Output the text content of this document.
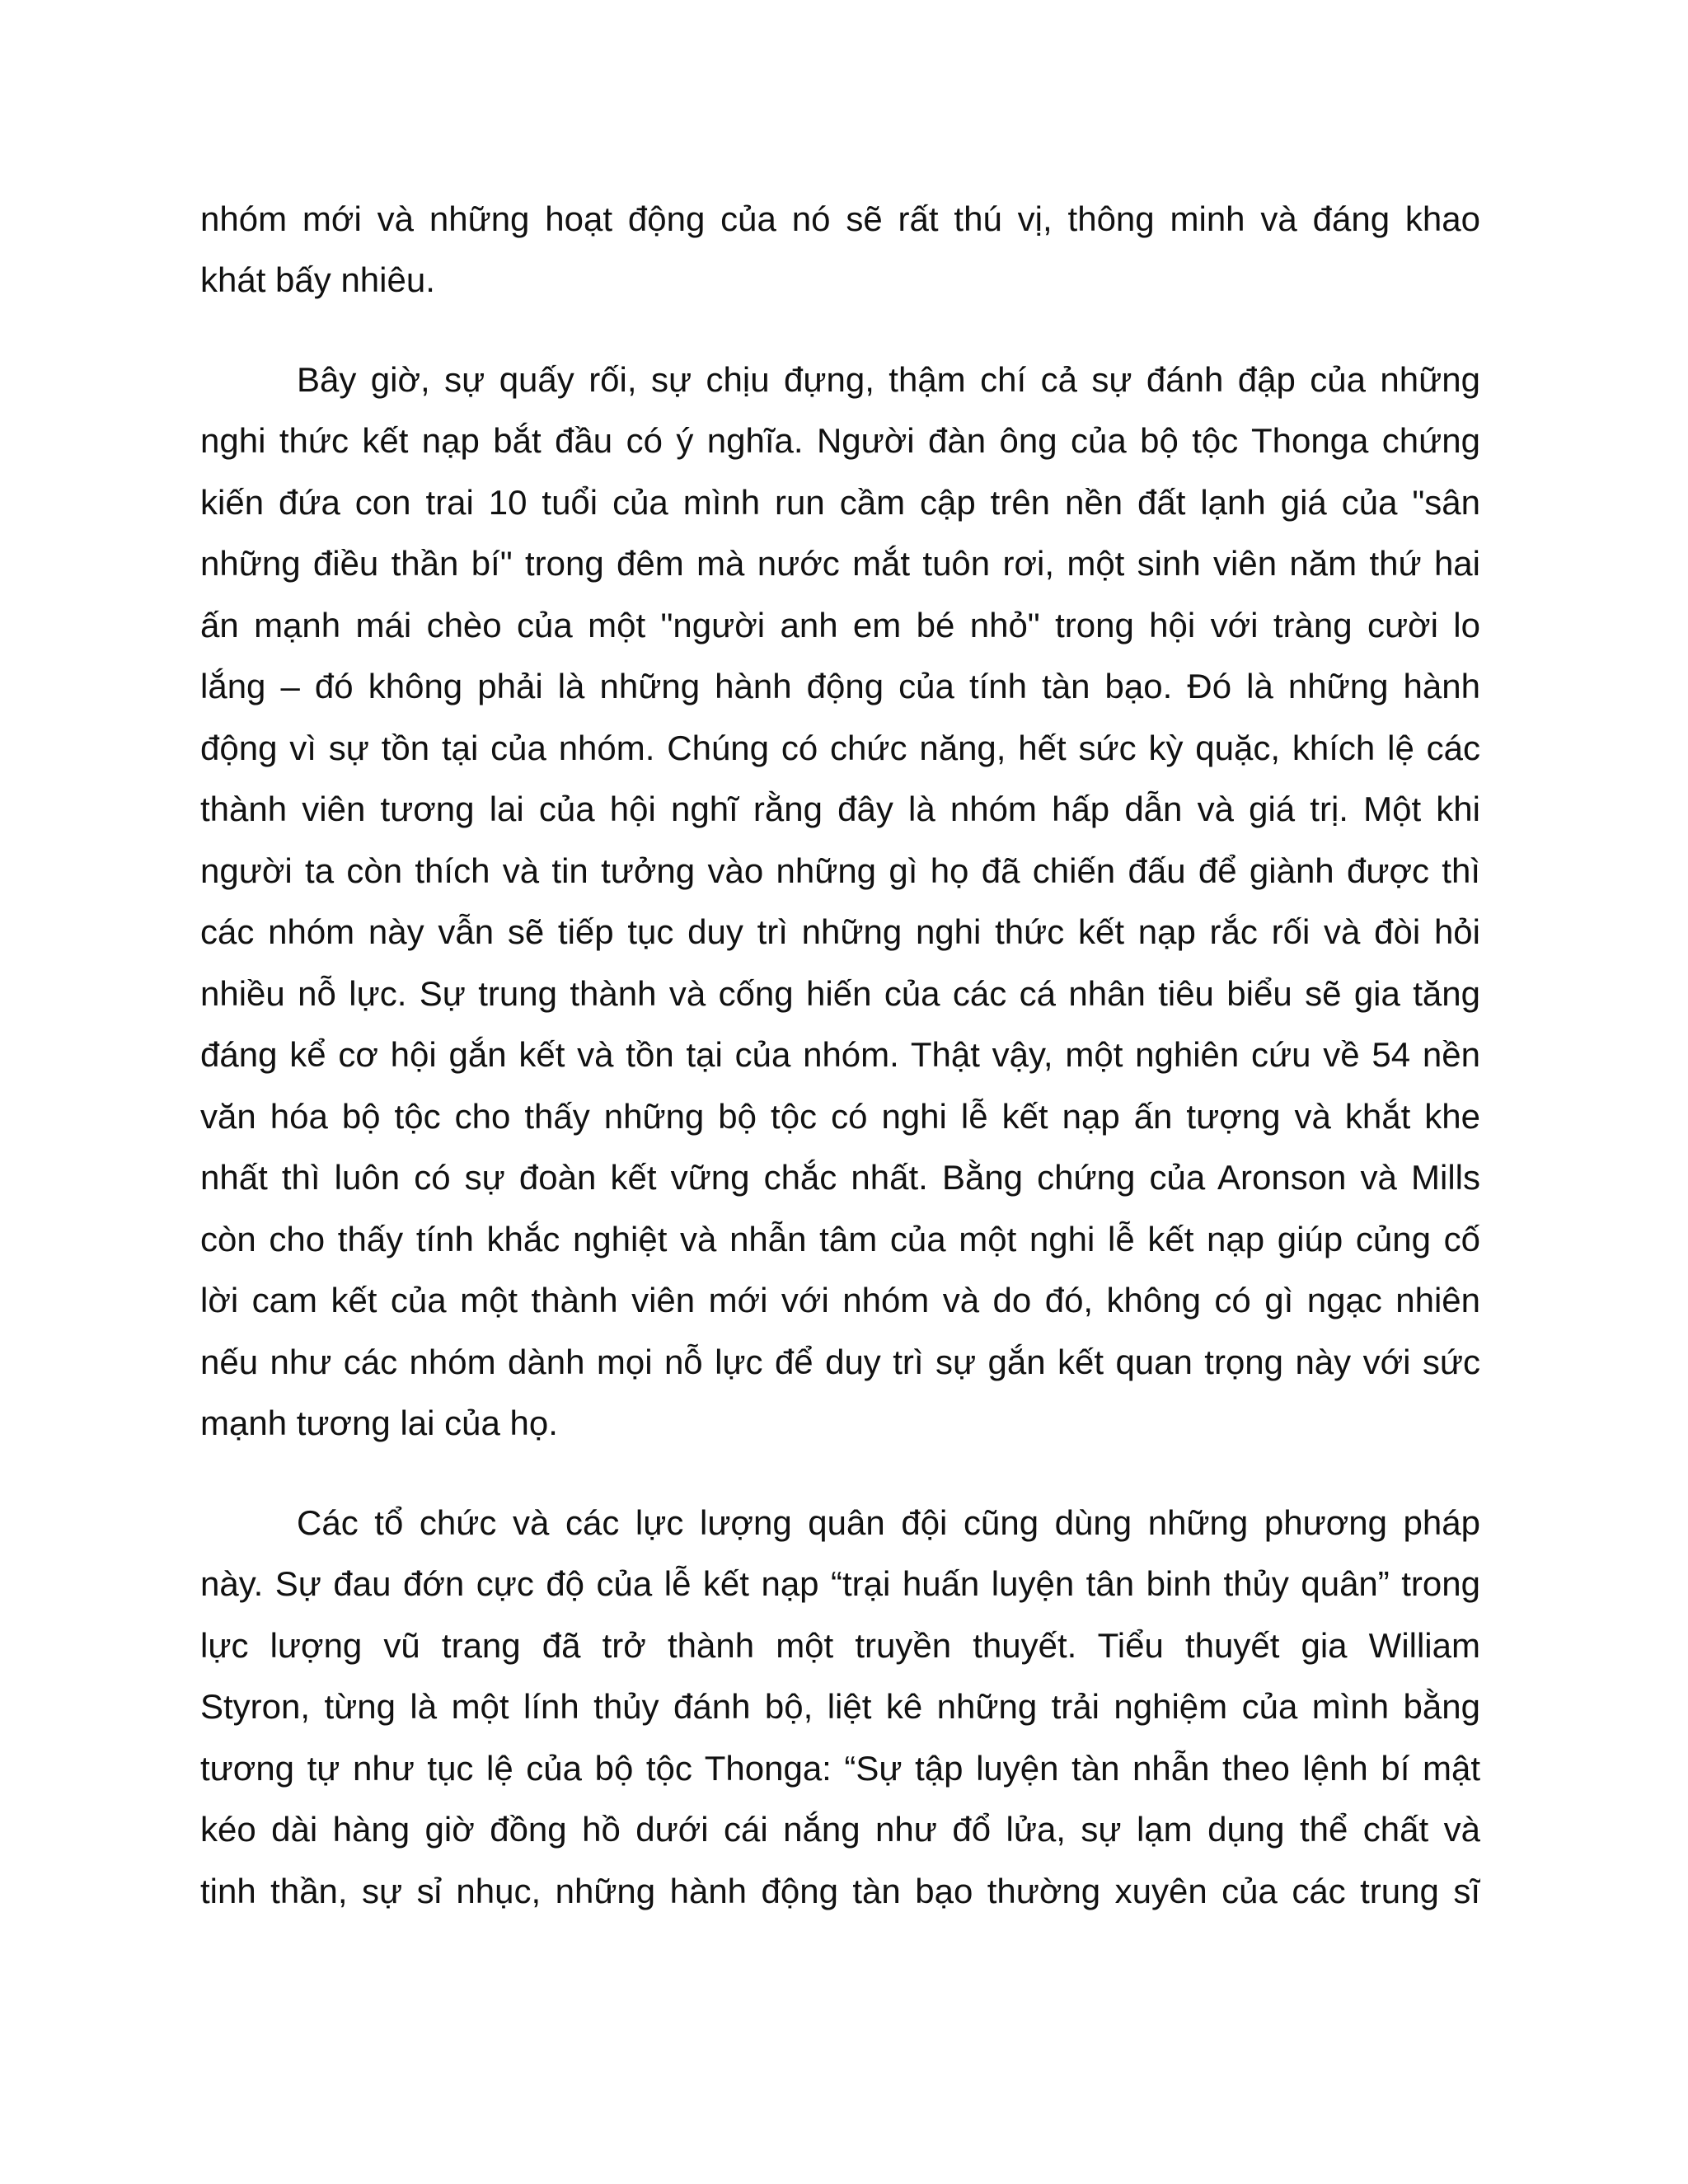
nhóm mới và những hoạt động của nó sẽ rất thú vị, thông minh và đáng khao

khát bấy nhiêu.

Bây giờ, sự quấy rối, sự chịu đựng, thậm chí cả sự đánh đập của những

nghi thức kết nạp bắt đầu có ý nghĩa. Người đàn ông của bộ tộc Thonga chứng

kiến đứa con trai 10 tuổi của mình run cầm cập trên nền đất lạnh giá của "sân

những điều thần bí" trong đêm mà nước mắt tuôn rơi, một sinh viên năm thứ hai

ấn mạnh mái chèo của một "người anh em bé nhỏ" trong hội với tràng cười lo

lắng – đó không phải là những hành động của tính tàn bạo. Đó là những hành

động vì sự tồn tại của nhóm. Chúng có chức năng, hết sức kỳ quặc, khích lệ các

thành viên tương lai của hội nghĩ rằng đây là nhóm hấp dẫn và giá trị. Một khi

người ta còn thích và tin tưởng vào những gì họ đã chiến đấu để giành được thì

các nhóm này vẫn sẽ tiếp tục duy trì những nghi thức kết nạp rắc rối và đòi hỏi

nhiều nỗ lực. Sự trung thành và cống hiến của các cá nhân tiêu biểu sẽ gia tăng

đáng kể cơ hội gắn kết và tồn tại của nhóm. Thật vậy, một nghiên cứu về 54 nền

văn hóa bộ tộc cho thấy những bộ tộc có nghi lễ kết nạp ấn tượng và khắt khe

nhất thì luôn có sự đoàn kết vững chắc nhất. Bằng chứng của Aronson và Mills

còn cho thấy tính khắc nghiệt và nhẫn tâm của một nghi lễ kết nạp giúp củng cố

lời cam kết của một thành viên mới với nhóm và do đó, không có gì ngạc nhiên

nếu như các nhóm dành mọi nỗ lực để duy trì sự gắn kết quan trọng này với sức

mạnh tương lai của họ.

Các tổ chức và các lực lượng quân đội cũng dùng những phương pháp

này. Sự đau đớn cực độ của lễ kết nạp “trại huấn luyện tân binh thủy quân” trong

lực lượng vũ trang đã trở thành một truyền thuyết. Tiểu thuyết gia William

Styron, từng là một lính thủy đánh bộ, liệt kê những trải nghiệm của mình bằng

tương tự như tục lệ của bộ tộc Thonga: “Sự tập luyện tàn nhẫn theo lệnh bí mật

kéo dài hàng giờ đồng hồ dưới cái nắng như đổ lửa, sự lạm dụng thể chất và

tinh thần, sự sỉ nhục, những hành động tàn bạo thường xuyên của các trung sĩ
